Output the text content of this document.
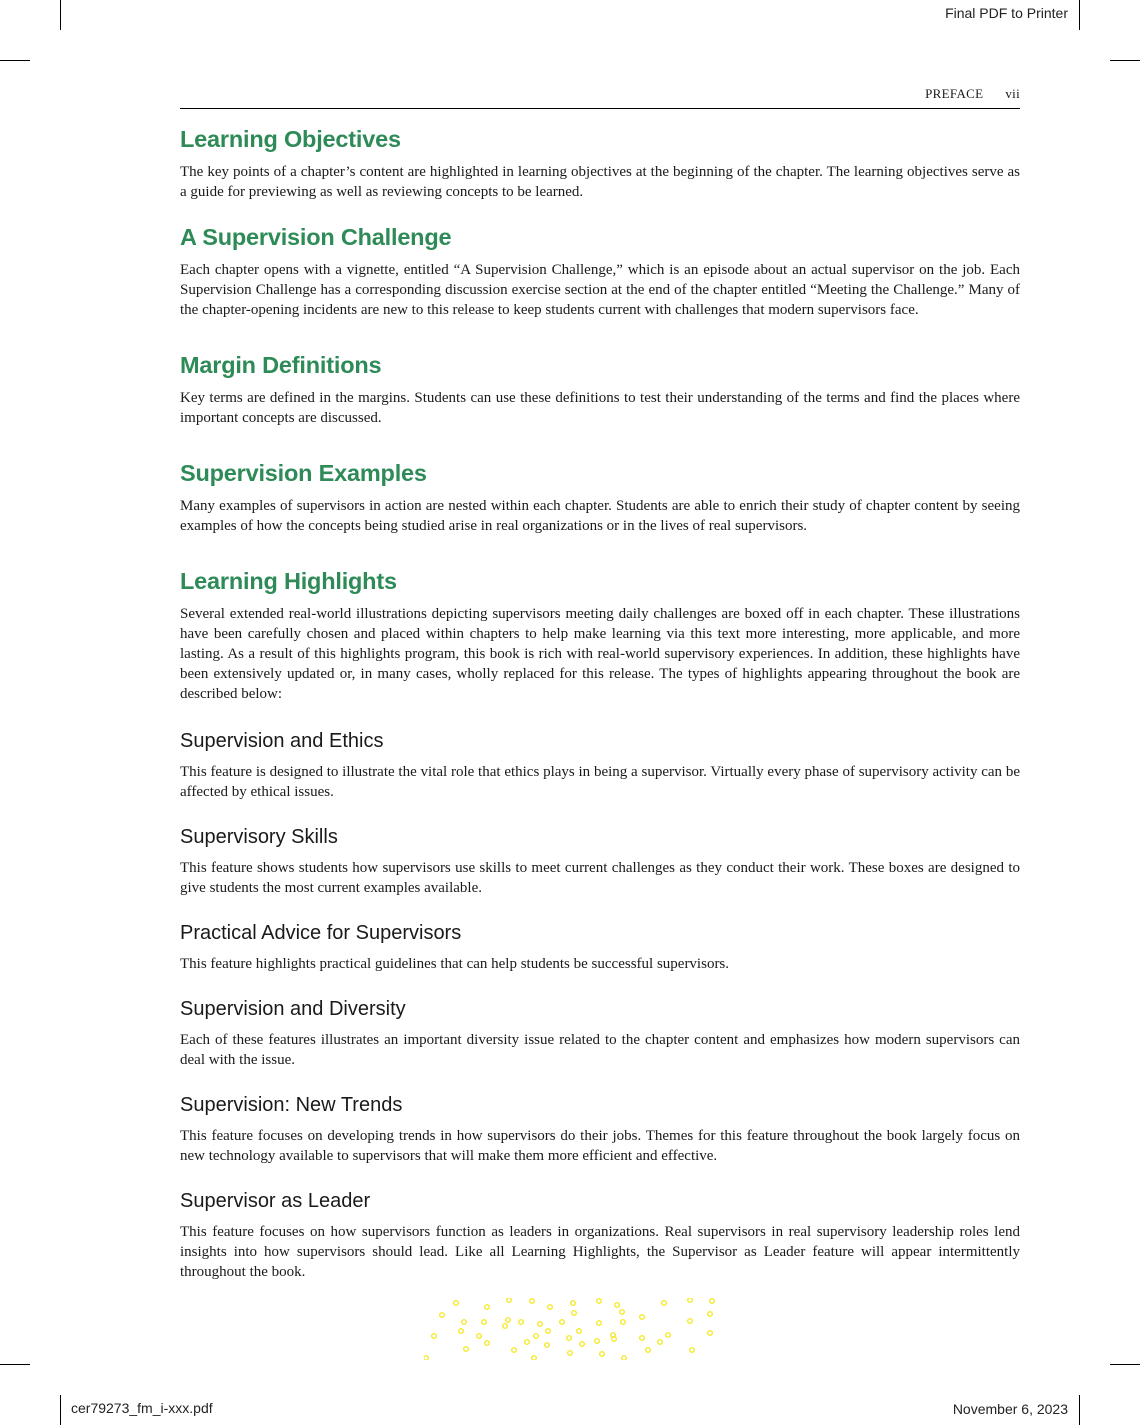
Final PDF to Printer
cer79273_fm_i-xxx.pdf	November 6, 2023
PREFACE vii
Learning Objectives

The key points of a chapter’s content are highlighted in learning objectives at the beginning of the chapter. The learning objectives serve as a guide for previewing as well as reviewing concepts to be learned.

A Supervision Challenge

Each chapter opens with a vignette, entitled “A Supervision Challenge,” which is an episode about an actual supervisor on the job. Each Supervision Challenge has a corresponding discussion exercise section at the end of the chapter entitled “Meeting the Challenge.” Many of the chapter-opening incidents are new to this release to keep students current with challenges that modern supervisors face.

Margin Definitions

Key terms are defined in the margins. Students can use these definitions to test their understanding of the terms and find the places where important concepts are discussed.

Supervision Examples

Many examples of supervisors in action are nested within each chapter. Students are able to enrich their study of chapter content by seeing examples of how the concepts being studied arise in real organizations or in the lives of real supervisors.

Learning Highlights

Several extended real-world illustrations depicting supervisors meeting daily challenges are boxed off in each chapter. These illustrations have been carefully chosen and placed within chapters to help make learning via this text more interesting, more applicable, and more lasting. As a result of this highlights program, this book is rich with real-world supervisory experiences. In addition, these highlights have been extensively updated or, in many cases, wholly replaced for this release. The types of highlights appearing throughout the book are described below:

Supervision and Ethics

This feature is designed to illustrate the vital role that ethics plays in being a supervisor. Virtually every phase of supervisory activity can be affected by ethical issues.

Supervisory Skills

This feature shows students how supervisors use skills to meet current challenges as they conduct their work. These boxes are designed to give students the most current examples available.

Practical Advice for Supervisors

This feature highlights practical guidelines that can help students be successful supervisors.

Supervision and Diversity

Each of these features illustrates an important diversity issue related to the chapter content and emphasizes how modern supervisors can deal with the issue.

Supervision: New Trends

This feature focuses on developing trends in how supervisors do their jobs. Themes for this feature throughout the book largely focus on new technology available to supervisors that will make them more efficient and effective.

Supervisor as Leader

This feature focuses on how supervisors function as leaders in organizations. Real supervisors in real supervisory leadership roles lend insights into how supervisors should lead. Like all Learning Highlights, the Supervisor as Leader feature will appear intermittently throughout the book.
